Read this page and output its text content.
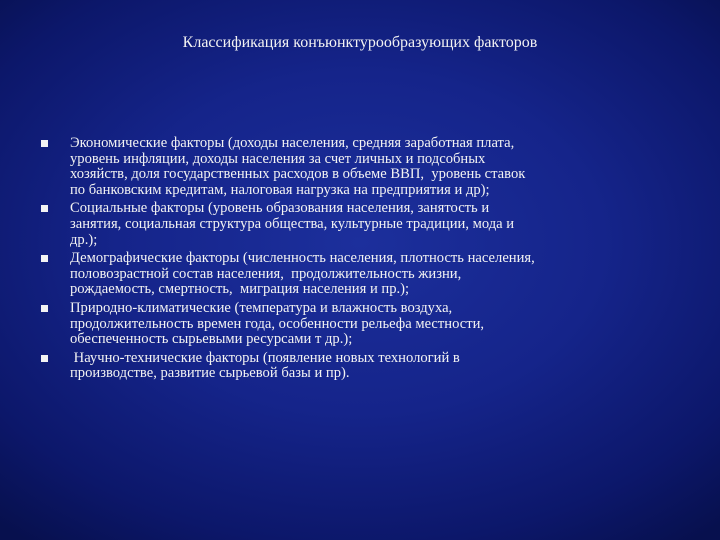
Классификация конъюнктурообразующих факторов
Экономические факторы (доходы населения, средняя заработная плата,
уровень инфляции, доходы населения за счет личных и подсобных
хозяйств, доля государственных расходов в объеме ВВП,  уровень ставок
по банковским кредитам, налоговая нагрузка на предприятия и др);
Социальные факторы (уровень образования населения, занятость и
занятия, социальная структура общества, культурные традиции, мода и
др.);
Демографические факторы (численность населения, плотность населения,
половозрастной состав населения,  продолжительность жизни,
рождаемость, смертность,  миграция населения и пр.);
Природно-климатические (температура и влажность воздуха,
продолжительность времен года, особенности рельефа местности,
обеспеченность сырьевыми ресурсами т др.);
Научно-технические факторы (появление новых технологий в
производстве, развитие сырьевой базы и пр).
